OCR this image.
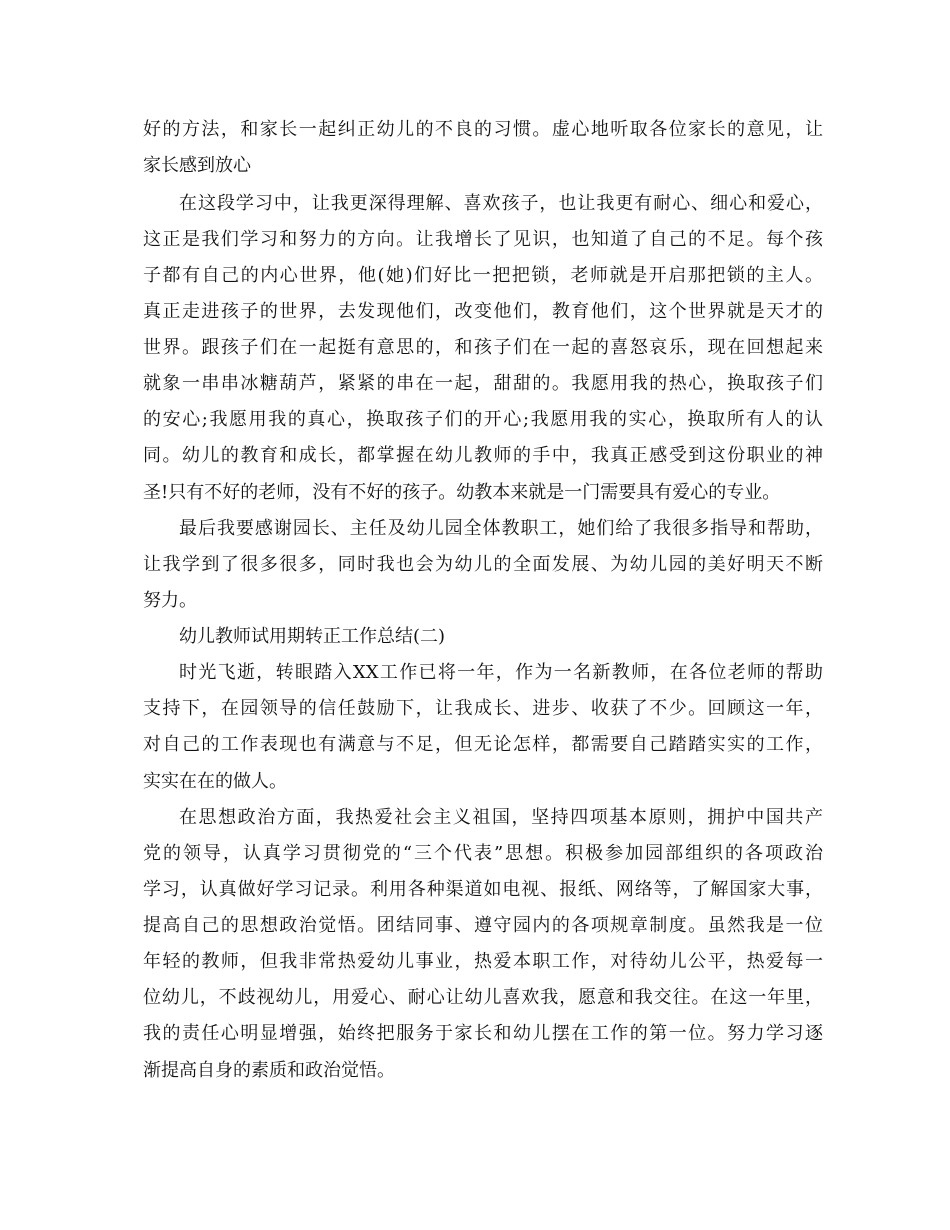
好的方法，和家长一起纠正幼儿的不良的习惯。虚心地听取各位家长的意见，让
家长感到放心
在这段学习中，让我更深得理解、喜欢孩子，也让我更有耐心、细心和爱心，
这正是我们学习和努力的方向。让我增长了见识，也知道了自己的不足。每个孩
子都有自己的内心世界，他(她)们好比一把把锁，老师就是开启那把锁的主人。
真正走进孩子的世界，去发现他们，改变他们，教育他们，这个世界就是天才的
世界。跟孩子们在一起挺有意思的，和孩子们在一起的喜怒哀乐，现在回想起来
就象一串串冰糖葫芦，紧紧的串在一起，甜甜的。我愿用我的热心，换取孩子们
的安心;我愿用我的真心，换取孩子们的开心;我愿用我的实心，换取所有人的认
同。幼儿的教育和成长，都掌握在幼儿教师的手中，我真正感受到这份职业的神
圣!只有不好的老师，没有不好的孩子。幼教本来就是一门需要具有爱心的专业。
最后我要感谢园长、主任及幼儿园全体教职工，她们给了我很多指导和帮助，
让我学到了很多很多，同时我也会为幼儿的全面发展、为幼儿园的美好明天不断
努力。
幼儿教师试用期转正工作总结(二)
时光飞逝，转眼踏入XX工作已将一年，作为一名新教师，在各位老师的帮助
支持下，在园领导的信任鼓励下，让我成长、进步、收获了不少。回顾这一年，
对自己的工作表现也有满意与不足，但无论怎样，都需要自己踏踏实实的工作，
实实在在的做人。
在思想政治方面，我热爱社会主义祖国，坚持四项基本原则，拥护中国共产
党的领导，认真学习贯彻党的“三个代表”思想。积极参加园部组织的各项政治
学习，认真做好学习记录。利用各种渠道如电视、报纸、网络等，了解国家大事，
提高自己的思想政治觉悟。团结同事、遵守园内的各项规章制度。虽然我是一位
年轻的教师，但我非常热爱幼儿事业，热爱本职工作，对待幼儿公平，热爱每一
位幼儿，不歧视幼儿，用爱心、耐心让幼儿喜欢我，愿意和我交往。在这一年里，
我的责任心明显增强，始终把服务于家长和幼儿摆在工作的第一位。努力学习逐
渐提高自身的素质和政治觉悟。
